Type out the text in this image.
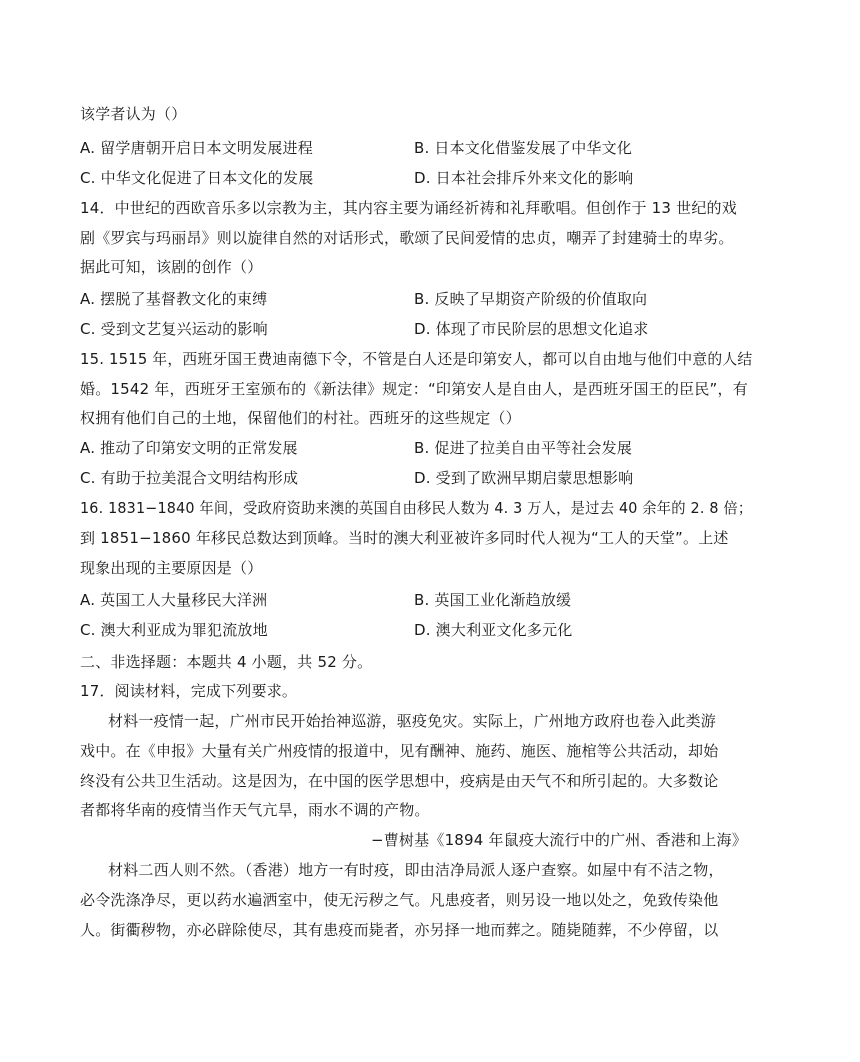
该学者认为（）
A. 留学唐朝开启日本文明发展进程	B. 日本文化借鉴发展了中华文化
C. 中华文化促进了日本文化的发展	D. 日本社会排斥外来文化的影响
14．中世纪的西欧音乐多以宗教为主，其内容主要为诵经祈祷和礼拜歌唱。但创作于 13 世纪的戏
剧《罗宾与玛丽昂》则以旋律自然的对话形式，歌颂了民间爱情的忠贞，嘲弄了封建骑士的卑劣。
据此可知，该剧的创作（）
A. 摆脱了基督教文化的束缚	B. 反映了早期资产阶级的价值取向
C. 受到文艺复兴运动的影响	D. 体现了市民阶层的思想文化追求
15. 1515 年，西班牙国王费迪南德下令，不管是白人还是印第安人，都可以自由地与他们中意的人结
婚。1542 年，西班牙王室颁布的《新法律》规定：“印第安人是自由人，是西班牙国王的臣民”，有
权拥有他们自己的土地，保留他们的村社。西班牙的这些规定（）
A. 推动了印第安文明的正常发展	B. 促进了拉美自由平等社会发展
C. 有助于拉美混合文明结构形成	D. 受到了欧洲早期启蒙思想影响
16. 1831−1840 年间，受政府资助来澳的英国自由移民人数为 4. 3 万人，是过去 40 余年的 2. 8 倍；
到 1851−1860 年移民总数达到顶峰。当时的澳大利亚被许多同时代人视为“工人的天堂”。上述
现象出现的主要原因是（）
A. 英国工人大量移民大洋洲	B. 英国工业化渐趋放缓
C. 澳大利亚成为罪犯流放地	D. 澳大利亚文化多元化
二、非选择题：本题共 4 小题，共 52 分。
17．阅读材料，完成下列要求。
材料一疫情一起，广州市民开始抬神巡游，驱疫免灾。实际上，广州地方政府也卷入此类游
戏中。在《申报》大量有关广州疫情的报道中，见有酬神、施药、施医、施棺等公共活动，却始
终没有公共卫生活动。这是因为，在中国的医学思想中，疫病是由天气不和所引起的。大多数论
者都将华南的疫情当作天气亢旱，雨水不调的产物。
−曹树基《1894 年鼠疫大流行中的广州、香港和上海》
材料二西人则不然。（香港）地方一有时疫，即由洁净局派人逐户查察。如屋中有不洁之物，
必令洗涤净尽，更以药水遍洒室中，使无污秽之气。凡患疫者，则另设一地以处之，免致传染他
人。街衢秽物，亦必辟除使尽，其有患疫而毙者，亦另择一地而葬之。随毙随葬，不少停留，以
